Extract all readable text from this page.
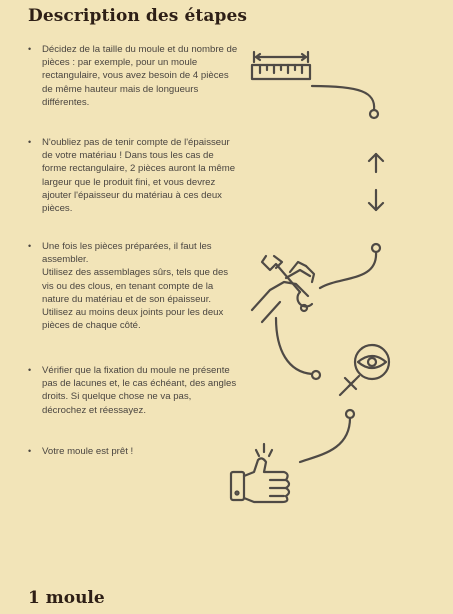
Description des étapes
• Décidez de la taille du moule et du nombre de pièces : par exemple, pour un moule rectangulaire, vous avez besoin de 4 pièces de même hauteur mais de longueurs différentes.
• N'oubliez pas de tenir compte de l'épaisseur de votre matériau ! Dans tous les cas de forme rectangulaire, 2 pièces auront la même largeur que le produit fini, et vous devrez ajouter l'épaisseur du matériau à ces deux pièces.
• Une fois les pièces préparées, il faut les assembler.
Utilisez des assemblages sûrs, tels que des vis ou des clous, en tenant compte de la nature du matériau et de son épaisseur. Utilisez au moins deux joints pour les deux pièces de chaque côté.
• Vérifier que la fixation du moule ne présente pas de lacunes et, le cas échéant, des angles droits. Si quelque chose ne va pas, décrochez et réessayez.
• Votre moule est prêt !
1 moule
